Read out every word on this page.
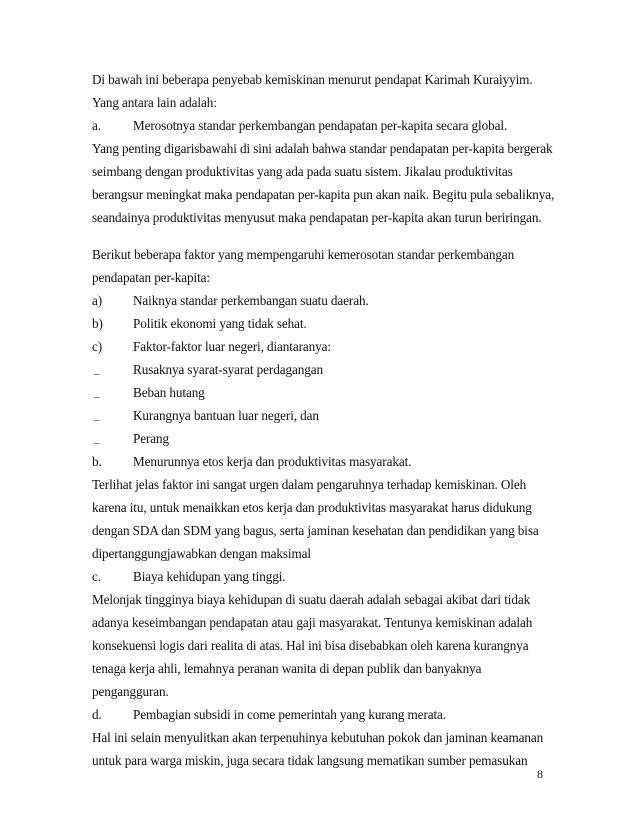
Di bawah ini beberapa penyebab kemiskinan menurut pendapat Karimah Kuraiyyim.
Yang antara lain adalah:
a. Merosotnya standar perkembangan pendapatan per-kapita secara global.
Yang penting digarisbawahi di sini adalah bahwa standar pendapatan per-kapita bergerak
seimbang dengan produktivitas yang ada pada suatu sistem. Jikalau produktivitas
berangsur meningkat maka pendapatan per-kapita pun akan naik. Begitu pula sebaliknya,
seandainya produktivitas menyusut maka pendapatan per-kapita akan turun beriringan.
Berikut beberapa faktor yang mempengaruhi kemerosotan standar perkembangan
pendapatan per-kapita:
a) Naiknya standar perkembangan suatu daerah.
b) Politik ekonomi yang tidak sehat.
c) Faktor-faktor luar negeri, diantaranya:
_	Rusaknya syarat-syarat perdagangan
_	Beban hutang
_	Kurangnya bantuan luar negeri, dan
_	Perang
b. Menurunnya etos kerja dan produktivitas masyarakat.
Terlihat jelas faktor ini sangat urgen dalam pengaruhnya terhadap kemiskinan. Oleh
karena itu, untuk menaikkan etos kerja dan produktivitas masyarakat harus didukung
dengan SDA dan SDM yang bagus, serta jaminan kesehatan dan pendidikan yang bisa
dipertanggungjawabkan dengan maksimal
c. Biaya kehidupan yang tinggi.
Melonjak tingginya biaya kehidupan di suatu daerah adalah sebagai akibat dari tidak
adanya keseimbangan pendapatan atau gaji masyarakat. Tentunya kemiskinan adalah
konsekuensi logis dari realita di atas. Hal ini bisa disebabkan oleh karena kurangnya
tenaga kerja ahli, lemahnya peranan wanita di depan publik dan banyaknya
pengangguran.
d. Pembagian subsidi in come pemerintah yang kurang merata.
Hal ini selain menyulitkan akan terpenuhinya kebutuhan pokok dan jaminan keamanan
untuk para warga miskin, juga secara tidak langsung mematikan sumber pemasukan
8
